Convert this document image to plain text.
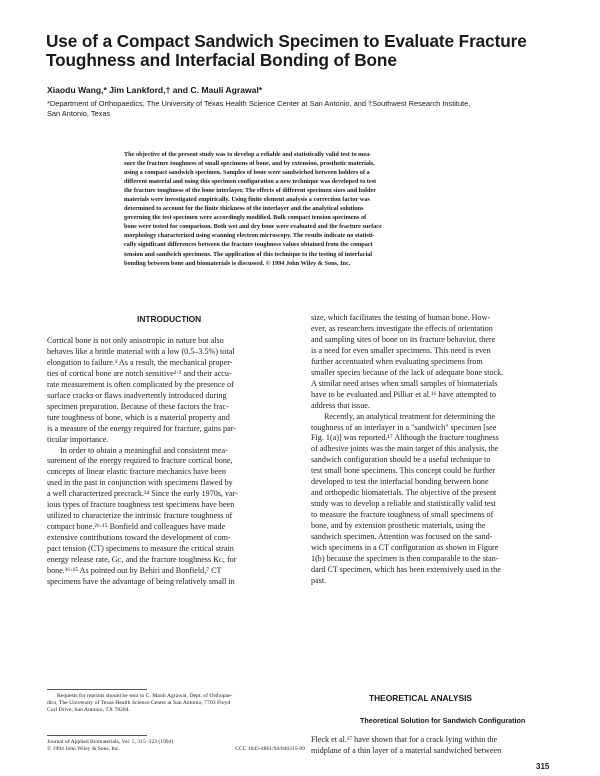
Use of a Compact Sandwich Specimen to Evaluate Fracture
Toughness and Interfacial Bonding of Bone
Xiaodu Wang,* Jim Lankford,† and C. Mauli Agrawal*
*Department of Orthopaedics, The University of Texas Health Science Center at San Antonio, and †Southwest Research Institute,
San Antonio, Texas
The objective of the present study was to develop a reliable and statistically valid test to mea-
sure the fracture toughness of small specimens of bone, and by extension, prosthetic materials,
using a compact sandwich specimen. Samples of bone were sandwiched between holders of a
different material and using this specimen configuration a new technique was developed to test
the fracture toughness of the bone interlayer. The effects of different specimen sizes and holder
materials were investigated empirically. Using finite element analysis a correction factor was
determined to account for the finite thickness of the interlayer and the analytical solutions
governing the test specimen were accordingly modified. Bulk compact tension specimens of
bone were tested for comparison. Both wet and dry bone were evaluated and the fracture surface
morphology characterized using scanning electron microscopy. The results indicate no statisti-
cally significant differences between the fracture toughness values obtained from the compact
tension and sandwich specimens. The application of this technique to the testing of interfacial
bonding between bone and biomaterials is discussed. © 1994 John Wiley & Sons, Inc.
INTRODUCTION
Cortical bone is not only anisotropic in nature but also
behaves like a brittle material with a low (0.5–3.5%) total
elongation to failure.¹ As a result, the mechanical proper-
ties of cortical bone are notch sensitive²·³ and their accu-
rate measurement is often complicated by the presence of
surface cracks or flaws inadvertently introduced during
specimen preparation. Because of these factors the frac-
ture toughness of bone, which is a material property and
is a measure of the energy required for fracture, gains par-
ticular importance.
In order to obtain a meaningful and consistent mea-
surement of the energy required to fracture cortical bone,
concepts of linear elastic fracture mechanics have been
used in the past in conjunction with specimens flawed by
a well characterized precrack.¹⁴ Since the early 1970s, var-
ious types of fracture toughness test specimens have been
utilized to characterize the intrinsic fracture toughness of
compact bone.²⁶·¹⁵ Bonfield and colleagues have made
extensive contributions toward the development of com-
pact tension (CT) specimens to measure the critical strain
energy release rate, Gᴄ, and the fracture toughness Kᴄ, for
bone.³⁶·¹⁵ As pointed out by Behiri and Bonfield,⁷ CT
specimens have the advantage of being relatively small in
size, which facilitates the testing of human bone. How-
ever, as researchers investigate the effects of orientation
and sampling sites of bone on its fracture behavior, there
is a need for even smaller specimens. This need is even
further accentuated when evaluating specimens from
smaller species because of the lack of adequate bone stock.
A similar need arises when small samples of biomaterials
have to be evaluated and Pilliar et al.¹⁶ have attempted to
address that issue.
Recently, an analytical treatment for determining the
toughness of an interlayer in a "sandwich" specimen [see
Fig. 1(a)] was reported.¹⁷ Although the fracture toughness
of adhesive joints was the main target of this analysis, the
sandwich configuration should be a useful technique to
test small bone specimens. This concept could be further
developed to test the interfacial bonding between bone
and orthopedic biomaterials. The objective of the present
study was to develop a reliable and statistically valid test
to measure the fracture toughness of small specimens of
bone, and by extension prosthetic materials, using the
sandwich specimen. Attention was focused on the sand-
wich specimens in a CT configuration as shown in Figure
1(b) because the specimen is then comparable to the stan-
dard CT specimen, which has been extensively used in the
past.
THEORETICAL ANALYSIS
Theoretical Solution for Sandwich Configuration
Fleck et al.¹⁷ have shown that for a crack lying within the
midplane of a thin layer of a material sandwiched between
Requests for reprints should be sent to C. Mauli Agrawal, Dept. of Orthopae-
dics, The University of Texas Health Science Center at San Antonio, 7703 Floyd
Curl Drive, San Antonio, TX 78284.
Journal of Applied Biomaterials, Vol. 5, 315–323 (1994)
© 1994 John Wiley & Sons, Inc.	CCC 1045-4861/94/040315-09
315
